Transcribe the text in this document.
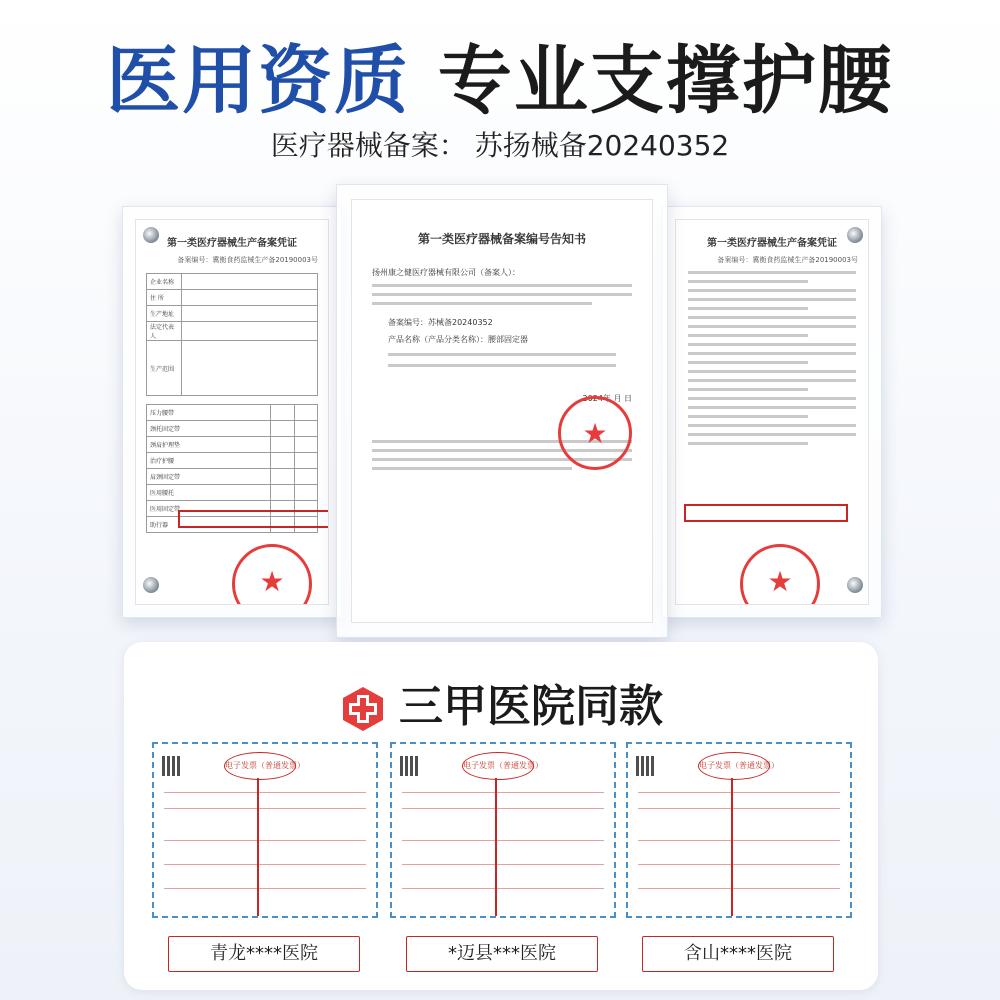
医用资质 专业支撑护腰
医疗器械备案： 苏扬械备20240352
第一类医疗器械生产备案凭证
备案编号：冀衡食药监械生产备20190003号
企业名称	
住 所	
生产地址	
法定代表人	
生产范围	
压力腰带		
颈托固定带		
颈肩护理垫		
治疗护腰		
肩颈固定带		
医用腰托		
医用固定带		
助行器		
★
第一类医疗器械生产备案凭证
备案编号：冀衡食药监械生产备20190003号
★
第一类医疗器械备案编号告知书
扬州康之健医疗器械有限公司（备案人）：
备案编号：苏械备20240352
产品名称（产品分类名称）：腰部固定器
2024年 月 日
★
三甲医院同款
电子发票（普通发票）	电子发票（普通发票）	电子发票（普通发票）
青龙****医院	*迈县***医院	含山****医院
